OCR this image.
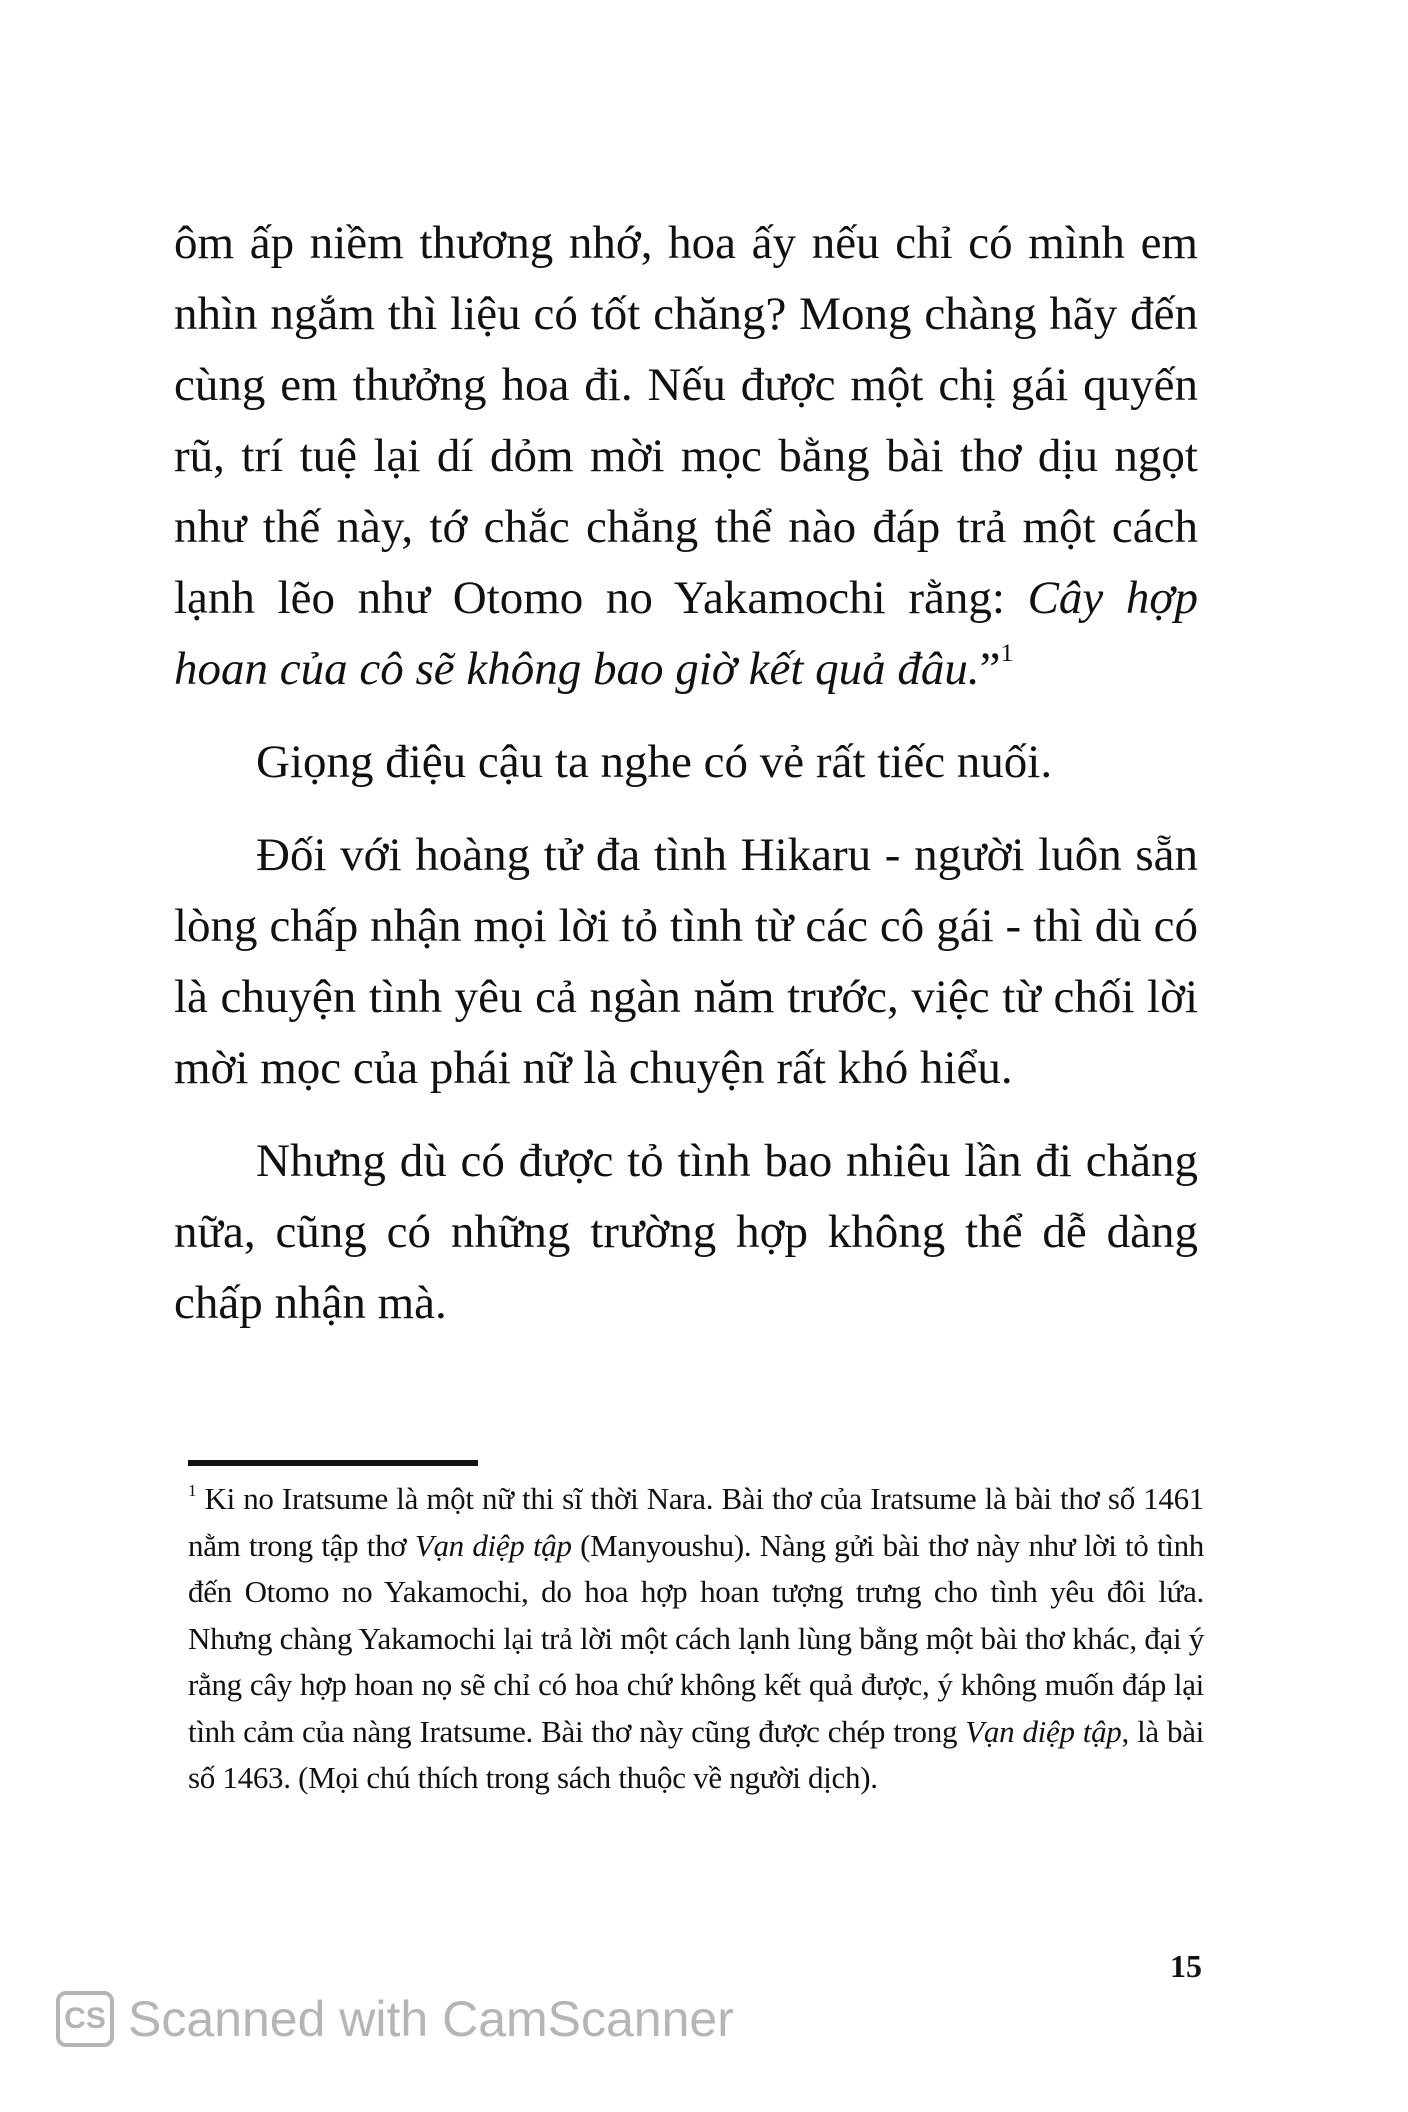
ôm ấp niềm thương nhớ, hoa ấy nếu chỉ có mình em nhìn ngắm thì liệu có tốt chăng? Mong chàng hãy đến cùng em thưởng hoa đi. Nếu được một chị gái quyến rũ, trí tuệ lại dí dỏm mời mọc bằng bài thơ dịu ngọt như thế này, tớ chắc chẳng thể nào đáp trả một cách lạnh lẽo như Otomo no Yakamochi rằng: Cây hợp hoan của cô sẽ không bao giờ kết quả đâu.”$^1$

Giọng điệu cậu ta nghe có vẻ rất tiếc nuối.

Đối với hoàng tử đa tình Hikaru - người luôn sẵn lòng chấp nhận mọi lời tỏ tình từ các cô gái - thì dù có là chuyện tình yêu cả ngàn năm trước, việc từ chối lời mời mọc của phái nữ là chuyện rất khó hiểu.

Nhưng dù có được tỏ tình bao nhiêu lần đi chăng nữa, cũng có những trường hợp không thể dễ dàng chấp nhận mà.

$^1$ Ki no Iratsume là một nữ thi sĩ thời Nara. Bài thơ của Iratsume là bài thơ số 1461 nằm trong tập thơ Vạn diệp tập (Manyoushu). Nàng gửi bài thơ này như lời tỏ tình đến Otomo no Yakamochi, do hoa hợp hoan tượng trưng cho tình yêu đôi lứa. Nhưng chàng Yakamochi lại trả lời một cách lạnh lùng bằng một bài thơ khác, đại ý rằng cây hợp hoan nọ sẽ chỉ có hoa chứ không kết quả được, ý không muốn đáp lại tình cảm của nàng Iratsume. Bài thơ này cũng được chép trong Vạn diệp tập, là bài số 1463. (Mọi chú thích trong sách thuộc về người dịch).
15
CS Scanned with CamScanner
